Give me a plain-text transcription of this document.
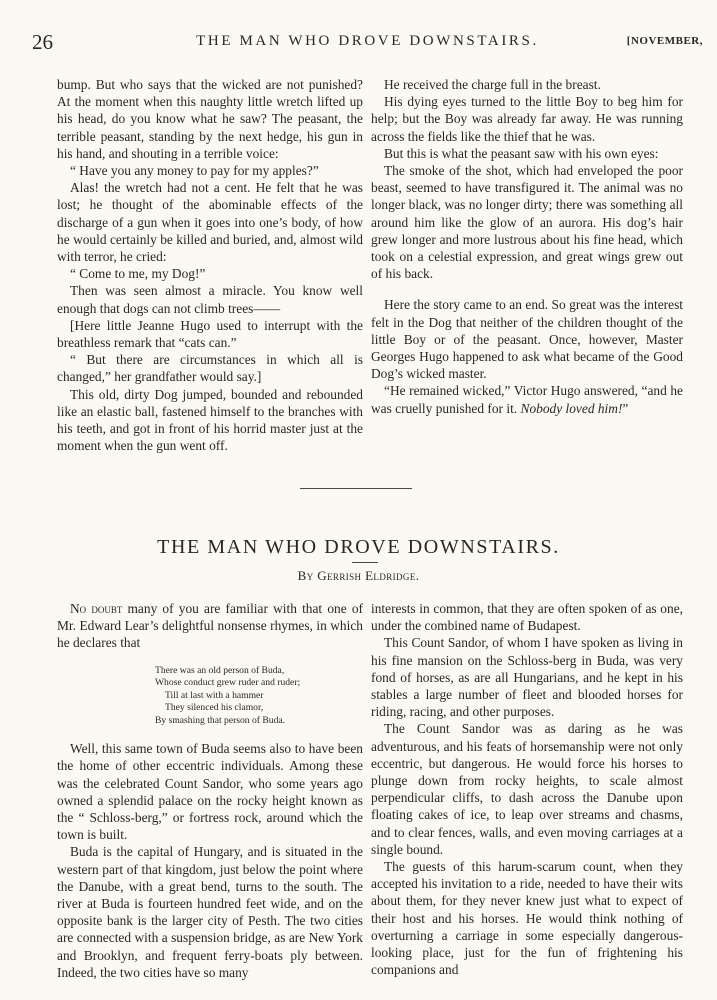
26	THE MAN WHO DROVE DOWNSTAIRS.	[NOVEMBER,

bump. But who says that the wicked are not punished? At the moment when this naughty little wretch lifted up his head, do you know what he saw? The peasant, the terrible peasant, standing by the next hedge, his gun in his hand, and shouting in a terrible voice:

“ Have you any money to pay for my apples?”

Alas! the wretch had not a cent. He felt that he was lost; he thought of the abominable effects of the discharge of a gun when it goes into one’s body, of how he would certainly be killed and buried, and, almost wild with terror, he cried:

“ Come to me, my Dog!”

Then was seen almost a miracle. You know well enough that dogs can not climb trees——

[Here little Jeanne Hugo used to interrupt with the breathless remark that “cats can.”

“ But there are circumstances in which all is changed,” her grandfather would say.]

This old, dirty Dog jumped, bounded and rebounded like an elastic ball, fastened himself to the branches with his teeth, and got in front of his horrid master just at the moment when the gun went off.

He received the charge full in the breast.

His dying eyes turned to the little Boy to beg him for help; but the Boy was already far away. He was running across the fields like the thief that he was.

But this is what the peasant saw with his own eyes:

The smoke of the shot, which had enveloped the poor beast, seemed to have transfigured it. The animal was no longer black, was no longer dirty; there was something all around him like the glow of an aurora. His dog’s hair grew longer and more lustrous about his fine head, which took on a celestial expression, and great wings grew out of his back.

Here the story came to an end. So great was the interest felt in the Dog that neither of the children thought of the little Boy or of the peasant. Once, however, Master Georges Hugo happened to ask what became of the Good Dog’s wicked master.

“He remained wicked,” Victor Hugo answered, “and he was cruelly punished for it. Nobody loved him!”

THE MAN WHO DROVE DOWNSTAIRS.
By Gerrish Eldridge.

No doubt many of you are familiar with that one of Mr. Edward Lear’s delightful nonsense rhymes, in which he declares that

There was an old person of Buda,
Whose conduct grew ruder and ruder;
Till at last with a hammer
They silenced his clamor,
By smashing that person of Buda.

Well, this same town of Buda seems also to have been the home of other eccentric individuals. Among these was the celebrated Count Sandor, who some years ago owned a splendid palace on the rocky height known as the “ Schloss-berg,” or fortress rock, around which the town is built.

Buda is the capital of Hungary, and is situated in the western part of that kingdom, just below the point where the Danube, with a great bend, turns to the south. The river at Buda is fourteen hundred feet wide, and on the opposite bank is the larger city of Pesth. The two cities are connected with a suspension bridge, as are New York and Brooklyn, and frequent ferry-boats ply between. Indeed, the two cities have so many

interests in common, that they are often spoken of as one, under the combined name of Budapest.

This Count Sandor, of whom I have spoken as living in his fine mansion on the Schloss-berg in Buda, was very fond of horses, as are all Hungarians, and he kept in his stables a large number of fleet and blooded horses for riding, racing, and other purposes.

The Count Sandor was as daring as he was adventurous, and his feats of horsemanship were not only eccentric, but dangerous. He would force his horses to plunge down from rocky heights, to scale almost perpendicular cliffs, to dash across the Danube upon floating cakes of ice, to leap over streams and chasms, and to clear fences, walls, and even moving carriages at a single bound.

The guests of this harum-scarum count, when they accepted his invitation to a ride, needed to have their wits about them, for they never knew just what to expect of their host and his horses. He would think nothing of overturning a carriage in some especially dangerous-looking place, just for the fun of frightening his companions and
